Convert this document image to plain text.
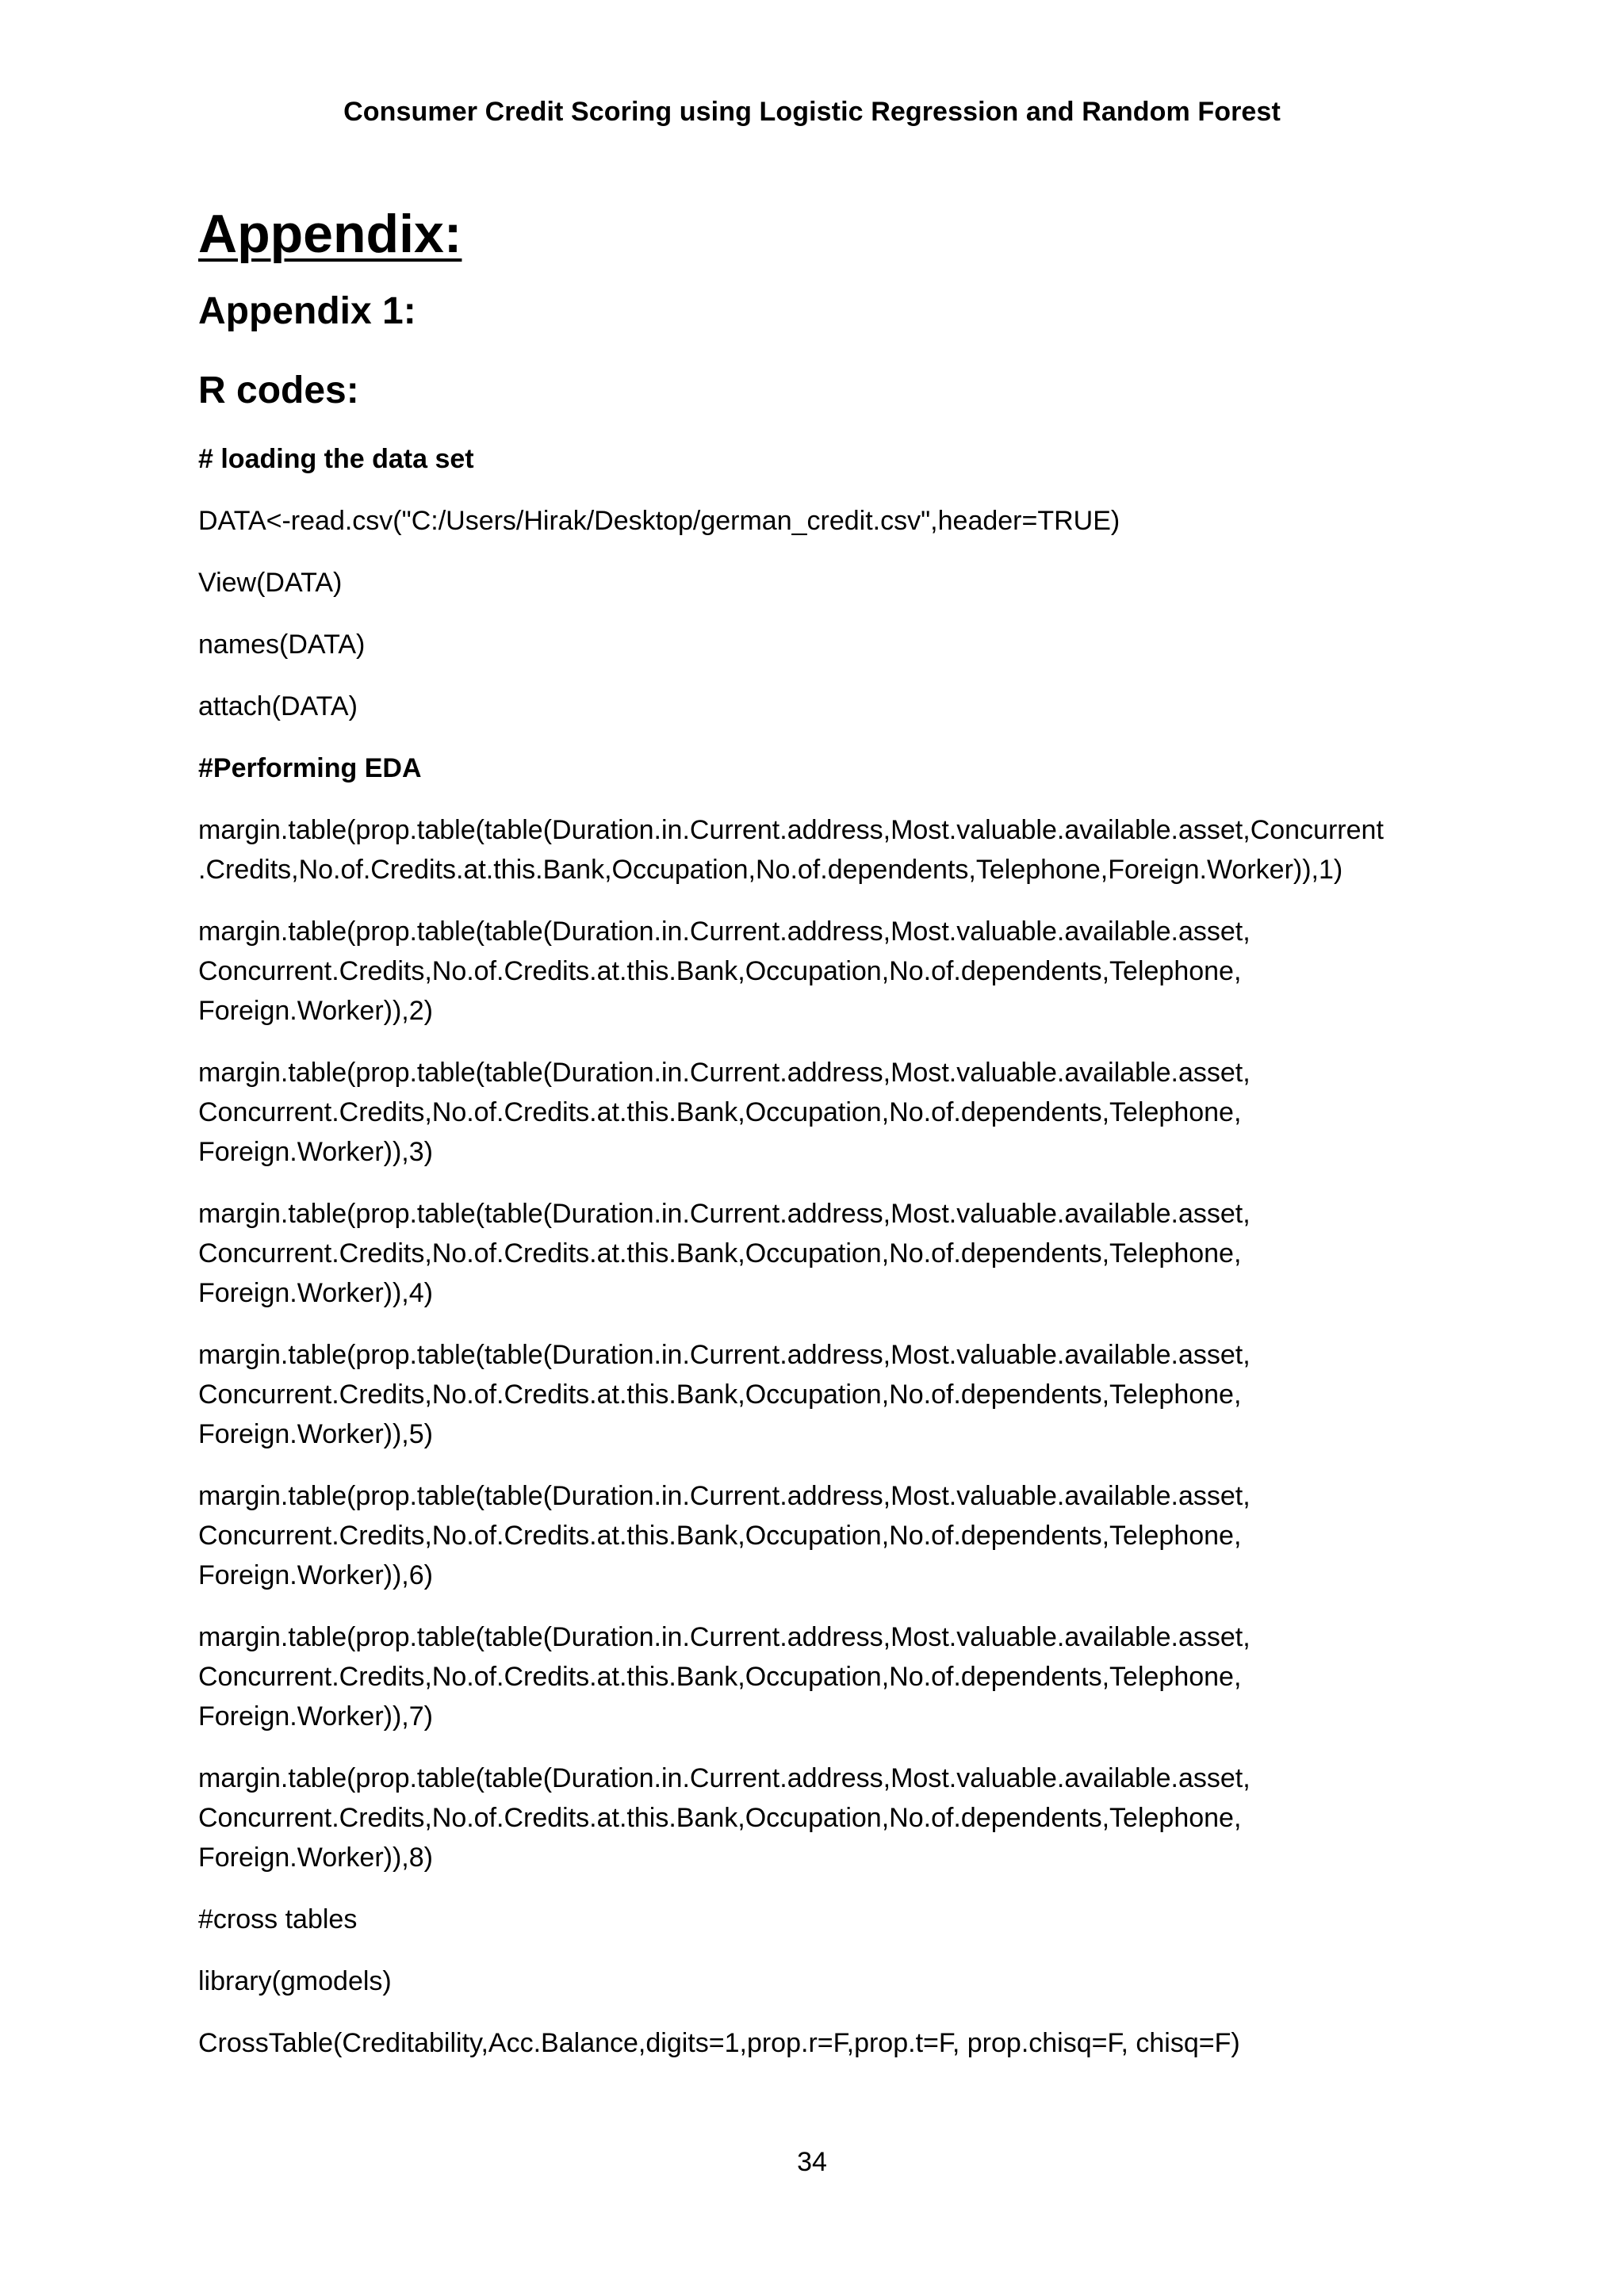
Consumer Credit Scoring using Logistic Regression and Random Forest
Appendix:
Appendix 1:
R codes:

# loading the data set

DATA<-read.csv("C:/Users/Hirak/Desktop/german_credit.csv",header=TRUE)

View(DATA)

names(DATA)

attach(DATA)

#Performing EDA

margin.table(prop.table(table(Duration.in.Current.address,Most.valuable.available.asset,Concurrent
.Credits,No.of.Credits.at.this.Bank,Occupation,No.of.dependents,Telephone,Foreign.Worker)),1)

margin.table(prop.table(table(Duration.in.Current.address,Most.valuable.available.asset,
Concurrent.Credits,No.of.Credits.at.this.Bank,Occupation,No.of.dependents,Telephone,
Foreign.Worker)),2)

margin.table(prop.table(table(Duration.in.Current.address,Most.valuable.available.asset,
Concurrent.Credits,No.of.Credits.at.this.Bank,Occupation,No.of.dependents,Telephone,
Foreign.Worker)),3)

margin.table(prop.table(table(Duration.in.Current.address,Most.valuable.available.asset,
Concurrent.Credits,No.of.Credits.at.this.Bank,Occupation,No.of.dependents,Telephone,
Foreign.Worker)),4)

margin.table(prop.table(table(Duration.in.Current.address,Most.valuable.available.asset,
Concurrent.Credits,No.of.Credits.at.this.Bank,Occupation,No.of.dependents,Telephone,
Foreign.Worker)),5)

margin.table(prop.table(table(Duration.in.Current.address,Most.valuable.available.asset,
Concurrent.Credits,No.of.Credits.at.this.Bank,Occupation,No.of.dependents,Telephone,
Foreign.Worker)),6)

margin.table(prop.table(table(Duration.in.Current.address,Most.valuable.available.asset,
Concurrent.Credits,No.of.Credits.at.this.Bank,Occupation,No.of.dependents,Telephone,
Foreign.Worker)),7)

margin.table(prop.table(table(Duration.in.Current.address,Most.valuable.available.asset,
Concurrent.Credits,No.of.Credits.at.this.Bank,Occupation,No.of.dependents,Telephone,
Foreign.Worker)),8)

#cross tables

library(gmodels)

CrossTable(Creditability,Acc.Balance,digits=1,prop.r=F,prop.t=F, prop.chisq=F, chisq=F)

34
